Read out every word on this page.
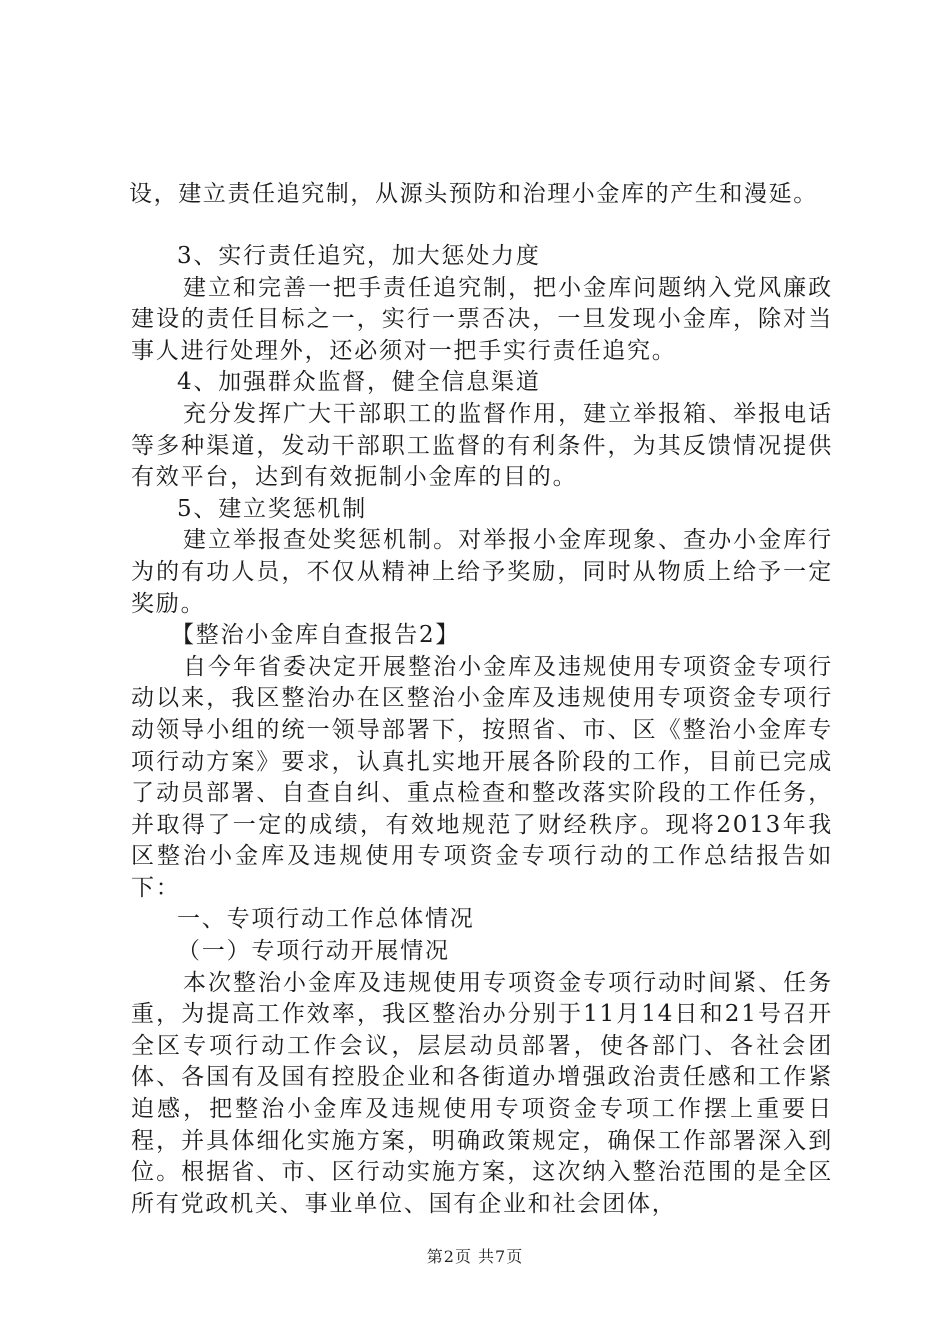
设，建立责任追究制，从源头预防和治理小金库的产生和漫延。

3、实行责任追究，加大惩处力度

建立和完善一把手责任追究制，把小金库问题纳入党风廉政建设的责任目标之一，实行一票否决，一旦发现小金库，除对当事人进行处理外，还必须对一把手实行责任追究。

4、加强群众监督，健全信息渠道

充分发挥广大干部职工的监督作用，建立举报箱、举报电话等多种渠道，发动干部职工监督的有利条件，为其反馈情况提供有效平台，达到有效扼制小金库的目的。

5、建立奖惩机制

建立举报查处奖惩机制。对举报小金库现象、查办小金库行为的有功人员，不仅从精神上给予奖励，同时从物质上给予一定奖励。

【整治小金库自查报告2】

自今年省委决定开展整治小金库及违规使用专项资金专项行动以来，我区整治办在区整治小金库及违规使用专项资金专项行动领导小组的统一领导部署下，按照省、市、区《整治小金库专项行动方案》要求，认真扎实地开展各阶段的工作，目前已完成了动员部署、自查自纠、重点检查和整改落实阶段的工作任务，并取得了一定的成绩，有效地规范了财经秩序。现将2013年我区整治小金库及违规使用专项资金专项行动的工作总结报告如下：

一、专项行动工作总体情况

（一）专项行动开展情况

本次整治小金库及违规使用专项资金专项行动时间紧、任务重，为提高工作效率，我区整治办分别于11月14日和21号召开全区专项行动工作会议，层层动员部署，使各部门、各社会团体、各国有及国有控股企业和各街道办增强政治责任感和工作紧迫感，把整治小金库及违规使用专项资金专项工作摆上重要日程，并具体细化实施方案，明确政策规定，确保工作部署深入到位。根据省、市、区行动实施方案，这次纳入整治范围的是全区所有党政机关、事业单位、国有企业和社会团体，

第2页 共7页
